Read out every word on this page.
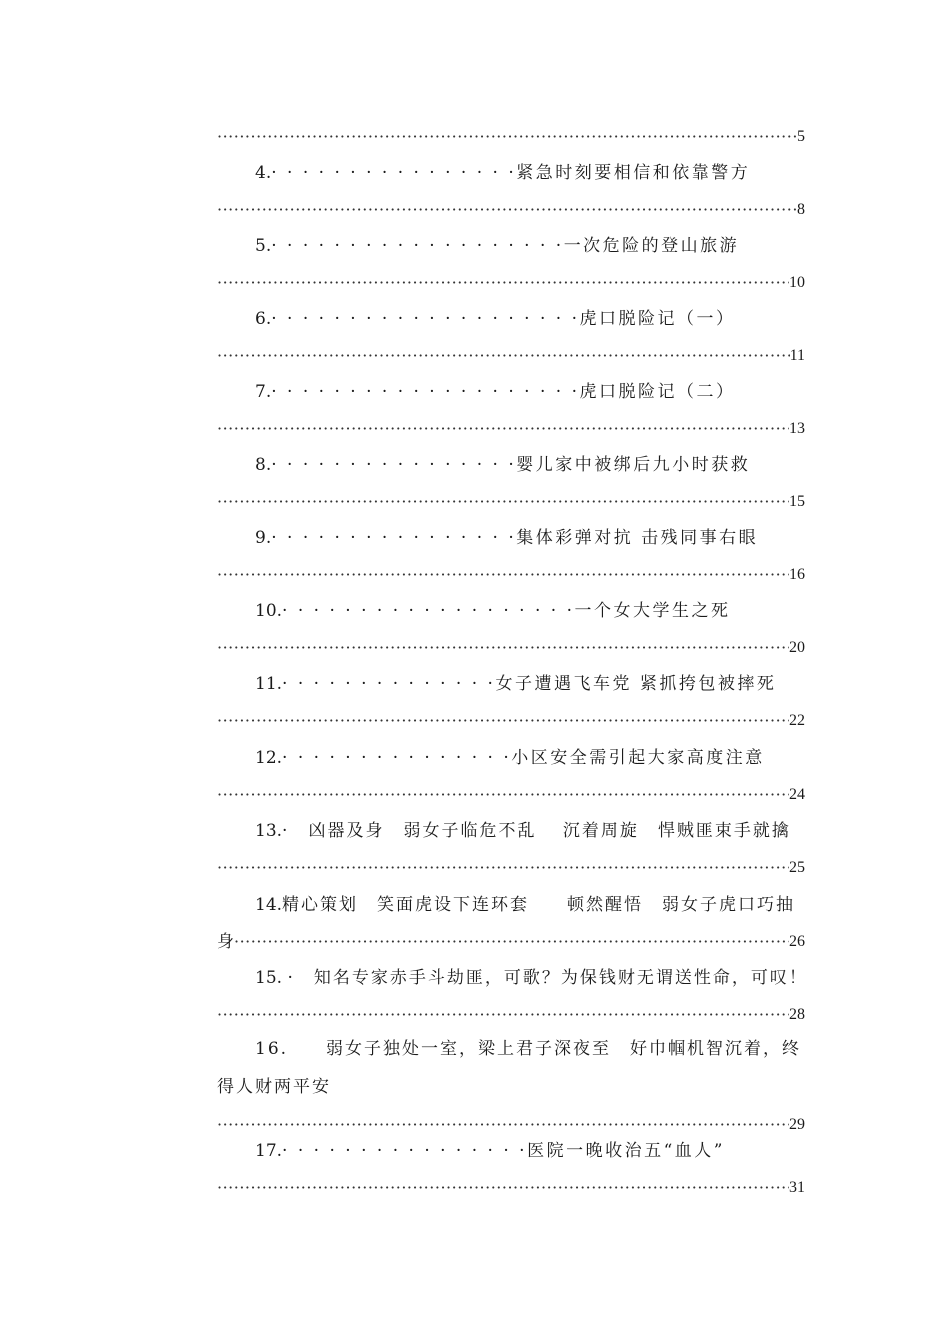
·····
5
4.· · · · · · · · · · · · · · · ·紧急时刻要相信和依靠警方
·····
8
5.· · · · · · · · · · · · · · · · · · ·一次危险的登山旅游
·····
10
6.· · · · · · · · · · · · · · · · · · · ·虎口脱险记（一）
·····
11
7.· · · · · · · · · · · · · · · · · · · ·虎口脱险记（二）
·····
13
8.· · · · · · · · · · · · · · · ·婴儿家中被绑后九小时获救
·····
15
9.· · · · · · · · · · · · · · · ·集体彩弹对抗 击残同事右眼
·····
16
10.· · · · · · · · · · · · · · · · · · ·一个女大学生之死
·····
20
11.· · · · · · · · · · · · · ·女子遭遇飞车党 紧抓挎包被摔死
·····
22
12.· · · · · · · · · · · · · · ·小区安全需引起大家高度注意
·····
24
13.·  凶器及身　弱女子临危不乱　 沉着周旋　悍贼匪束手就擒
·····
25
14.精心策划　笑面虎设下连环套　　顿然醒悟　弱女子虎口巧抽
身
·····	26
15.  ·  知名专家赤手斗劫匪，可歌？为保钱财无谓送性命，可叹！
·····
28
16.   弱女子独处一室，梁上君子深夜至　好巾帼机智沉着，终得人财两平安
·····
29
17.· · · · · · · · · · · · · · · ·医院一晚收治五“血人”
·····
31
